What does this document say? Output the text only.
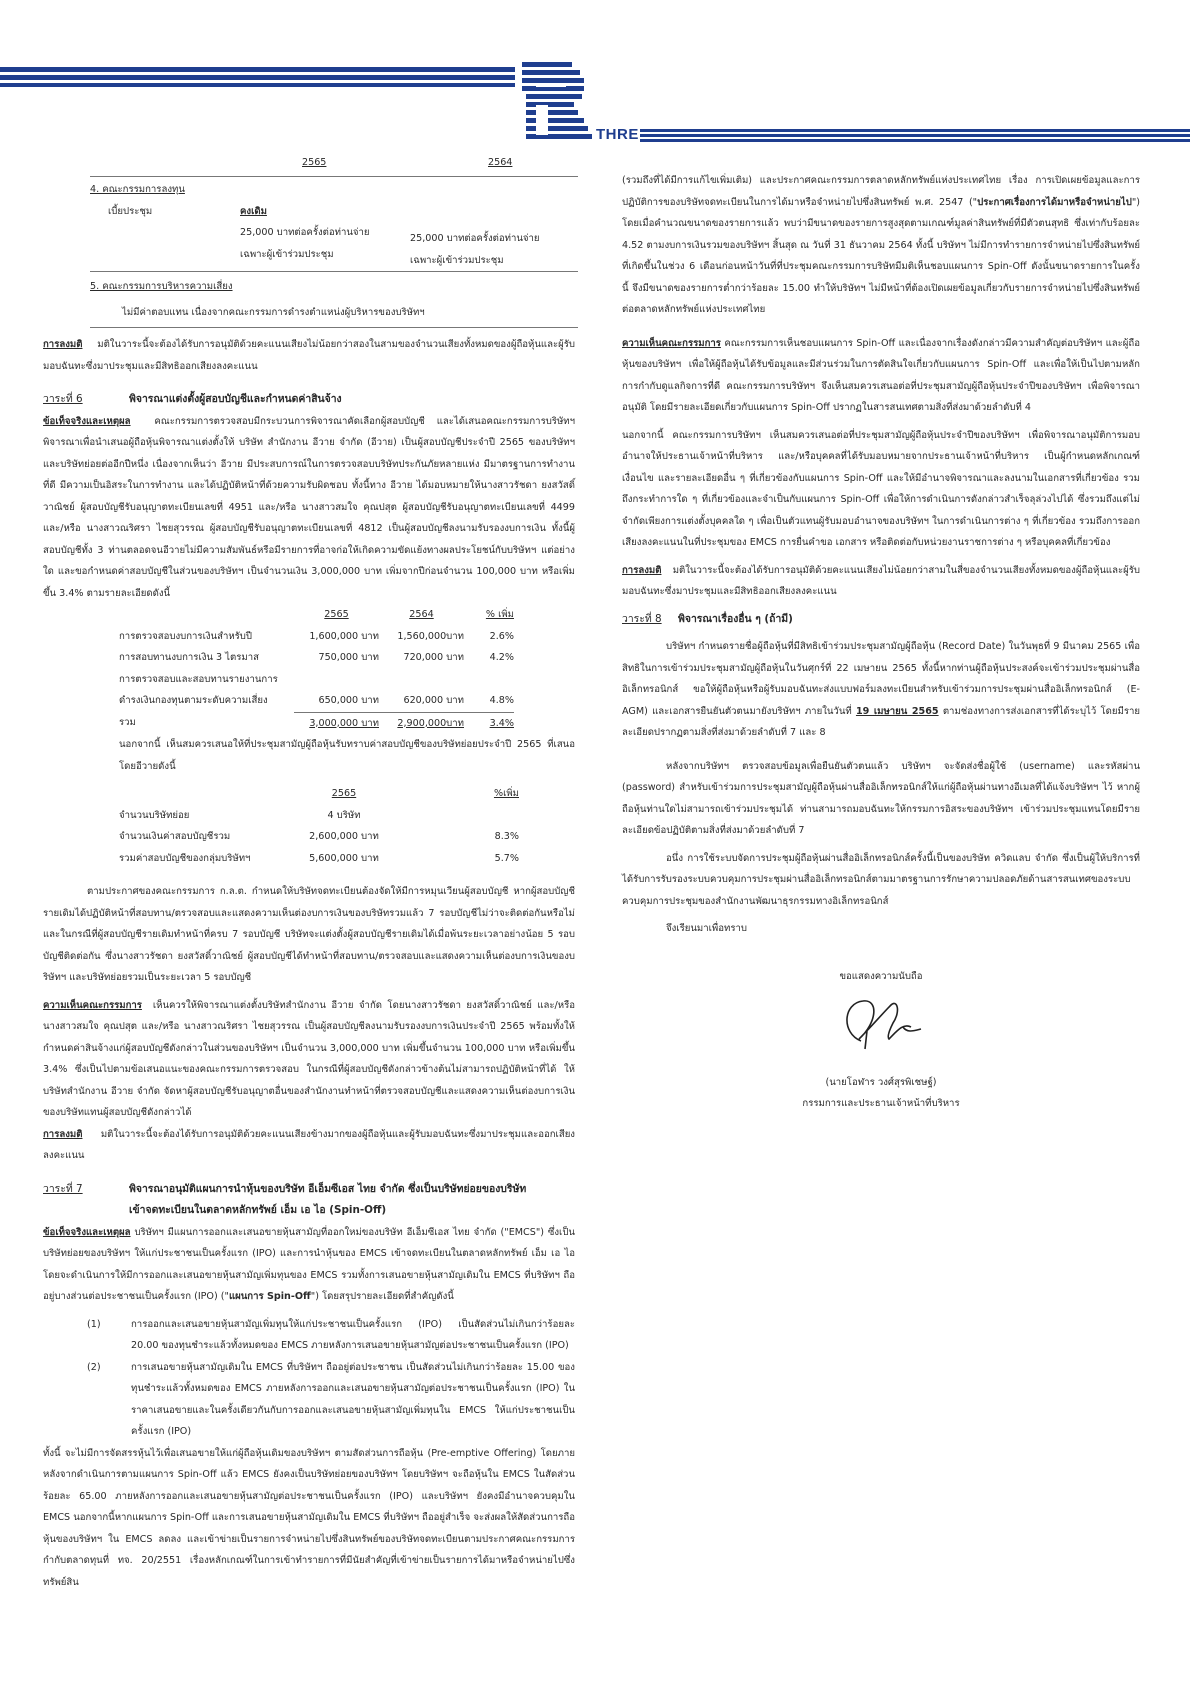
THRE
2565	2564
4. คณะกรรมการลงทุน
เบี้ยประชุม	คงเดิม
25,000 บาทต่อครั้งต่อท่านจ่าย
เฉพาะผู้เข้าร่วมประชุม
25,000 บาทต่อครั้งต่อท่านจ่าย
เฉพาะผู้เข้าร่วมประชุม
5. คณะกรรมการบริหารความเสี่ยง
ไม่มีค่าตอบแทน เนื่องจากคณะกรรมการดำรงตำแหน่งผู้บริหารของบริษัทฯ

การลงมติ มติในวาระนี้จะต้องได้รับการอนุมัติด้วยคะแนนเสียงไม่น้อยกว่าสองในสามของจำนวนเสียงทั้งหมดของผู้ถือหุ้นและผู้รับมอบฉันทะซึ่งมาประชุมและมีสิทธิออกเสียงลงคะแนน

วาระที่ 6	พิจารณาแต่งตั้งผู้สอบบัญชีและกำหนดค่าสินจ้าง

ข้อเท็จจริงและเหตุผล คณะกรรมการตรวจสอบมีกระบวนการพิจารณาคัดเลือกผู้สอบบัญชี และได้เสนอคณะกรรมการบริษัทฯ พิจารณาเพื่อนำเสนอผู้ถือหุ้นพิจารณาแต่งตั้งให้ บริษัท สำนักงาน อีวาย จำกัด (อีวาย) เป็นผู้สอบบัญชีประจำปี 2565 ของบริษัทฯ และบริษัทย่อยต่ออีกปีหนึ่ง เนื่องจากเห็นว่า อีวาย มีประสบการณ์ในการตรวจสอบบริษัทประกันภัยหลายแห่ง มีมาตรฐานการทำงานที่ดี มีความเป็นอิสระในการทำงาน และได้ปฏิบัติหน้าที่ด้วยความรับผิดชอบ ทั้งนี้ทาง อีวาย ได้มอบหมายให้นางสาวรัชดา ยงสวัสดิ์วาณิชย์ ผู้สอบบัญชีรับอนุญาตทะเบียนเลขที่ 4951 และ/หรือ นางสาวสมใจ คุณปสุต ผู้สอบบัญชีรับอนุญาตทะเบียนเลขที่ 4499 และ/หรือ นางสาวณริศรา ไชยสุวรรณ ผู้สอบบัญชีรับอนุญาตทะเบียนเลขที่ 4812 เป็นผู้สอบบัญชีลงนามรับรองงบการเงิน ทั้งนี้ผู้สอบบัญชีทั้ง 3 ท่านตลอดจนอีวายไม่มีความสัมพันธ์หรือมีรายการที่อาจก่อให้เกิดความขัดแย้งทางผลประโยชน์กับบริษัทฯ แต่อย่างใด และขอกำหนดค่าสอบบัญชีในส่วนของบริษัทฯ เป็นจำนวนเงิน 3,000,000 บาท เพิ่มจากปีก่อนจำนวน 100,000 บาท หรือเพิ่มขึ้น 3.4% ตามรายละเอียดดังนี้

2565	2564	% เพิ่ม
การตรวจสอบงบการเงินสำหรับปี	1,600,000 บาท	1,560,000บาท	2.6%
การสอบทานงบการเงิน 3 ไตรมาส	750,000 บาท	720,000 บาท	4.2%
การตรวจสอบและสอบทานรายงานการ
ดำรงเงินกองทุนตามระดับความเสี่ยง	650,000 บาท	620,000 บาท	4.8%
รวม	3,000,000 บาท	2,900,000บาท	3.4%

นอกจากนี้ เห็นสมควรเสนอให้ที่ประชุมสามัญผู้ถือหุ้นรับทราบค่าสอบบัญชีของบริษัทย่อยประจำปี 2565 ที่เสนอโดยอีวายดังนี้

2565	%เพิ่ม
จำนวนบริษัทย่อย	4 บริษัท
จำนวนเงินค่าสอบบัญชีรวม	2,600,000 บาท	8.3%
รวมค่าสอบบัญชีของกลุ่มบริษัทฯ	5,600,000 บาท	5.7%

ตามประกาศของคณะกรรมการ ก.ล.ต. กำหนดให้บริษัทจดทะเบียนต้องจัดให้มีการหมุนเวียนผู้สอบบัญชี หากผู้สอบบัญชีรายเดิมได้ปฏิบัติหน้าที่สอบทาน/ตรวจสอบและแสดงความเห็นต่องบการเงินของบริษัทรวมแล้ว 7 รอบบัญชีไม่ว่าจะติดต่อกันหรือไม่ และในกรณีที่ผู้สอบบัญชีรายเดิมทำหน้าที่ครบ 7 รอบบัญชี บริษัทจะแต่งตั้งผู้สอบบัญชีรายเดิมได้เมื่อพ้นระยะเวลาอย่างน้อย 5 รอบบัญชีติดต่อกัน ซึ่งนางสาวรัชดา ยงสวัสดิ์วาณิชย์ ผู้สอบบัญชีได้ทำหน้าที่สอบทาน/ตรวจสอบและแสดงความเห็นต่องบการเงินของบริษัทฯ และบริษัทย่อยรวมเป็นระยะเวลา 5 รอบบัญชี

ความเห็นคณะกรรมการ เห็นควรให้พิจารณาแต่งตั้งบริษัทสำนักงาน อีวาย จำกัด โดยนางสาวรัชดา ยงสวัสดิ์วาณิชย์ และ/หรือนางสาวสมใจ คุณปสุต และ/หรือ นางสาวณริศรา ไชยสุวรรณ เป็นผู้สอบบัญชีลงนามรับรองงบการเงินประจำปี 2565 พร้อมทั้งให้กำหนดค่าสินจ้างแก่ผู้สอบบัญชีดังกล่าวในส่วนของบริษัทฯ เป็นจำนวน 3,000,000 บาท เพิ่มขึ้นจำนวน 100,000 บาท หรือเพิ่มขึ้น 3.4% ซึ่งเป็นไปตามข้อเสนอแนะของคณะกรรมการตรวจสอบ ในกรณีที่ผู้สอบบัญชีดังกล่าวข้างต้นไม่สามารถปฏิบัติหน้าที่ได้ ให้บริษัทสำนักงาน อีวาย จำกัด จัดหาผู้สอบบัญชีรับอนุญาตอื่นของสำนักงานทำหน้าที่ตรวจสอบบัญชีและแสดงความเห็นต่องบการเงินของบริษัทแทนผู้สอบบัญชีดังกล่าวได้

การลงมติ มติในวาระนี้จะต้องได้รับการอนุมัติด้วยคะแนนเสียงข้างมากของผู้ถือหุ้นและผู้รับมอบฉันทะซึ่งมาประชุมและออกเสียงลงคะแนน

วาระที่ 7	พิจารณาอนุมัติแผนการนำหุ้นของบริษัท อีเอ็มซีเอส ไทย จำกัด ซึ่งเป็นบริษัทย่อยของบริษัท
เข้าจดทะเบียนในตลาดหลักทรัพย์ เอ็ม เอ ไอ (Spin-Off)

ข้อเท็จจริงและเหตุผล บริษัทฯ มีแผนการออกและเสนอขายหุ้นสามัญที่ออกใหม่ของบริษัท อีเอ็มซีเอส ไทย จำกัด ("EMCS") ซึ่งเป็นบริษัทย่อยของบริษัทฯ ให้แก่ประชาชนเป็นครั้งแรก (IPO) และการนำหุ้นของ EMCS เข้าจดทะเบียนในตลาดหลักทรัพย์ เอ็ม เอ ไอ โดยจะดำเนินการให้มีการออกและเสนอขายหุ้นสามัญเพิ่มทุนของ EMCS รวมทั้งการเสนอขายหุ้นสามัญเดิมใน EMCS ที่บริษัทฯ ถืออยู่บางส่วนต่อประชาชนเป็นครั้งแรก (IPO) ("แผนการ Spin-Off") โดยสรุปรายละเอียดที่สำคัญดังนี้

(1)	การออกและเสนอขายหุ้นสามัญเพิ่มทุนให้แก่ประชาชนเป็นครั้งแรก (IPO) เป็นสัดส่วนไม่เกินกว่าร้อยละ 20.00 ของทุนชำระแล้วทั้งหมดของ EMCS ภายหลังการเสนอขายหุ้นสามัญต่อประชาชนเป็นครั้งแรก (IPO)
(2)	การเสนอขายหุ้นสามัญเดิมใน EMCS ที่บริษัทฯ ถืออยู่ต่อประชาชน เป็นสัดส่วนไม่เกินกว่าร้อยละ 15.00 ของทุนชำระแล้วทั้งหมดของ EMCS ภายหลังการออกและเสนอขายหุ้นสามัญต่อประชาชนเป็นครั้งแรก (IPO) ในราคาเสนอขายและในครั้งเดียวกันกับการออกและเสนอขายหุ้นสามัญเพิ่มทุนใน EMCS ให้แก่ประชาชนเป็นครั้งแรก (IPO)

ทั้งนี้ จะไม่มีการจัดสรรหุ้นไว้เพื่อเสนอขายให้แก่ผู้ถือหุ้นเดิมของบริษัทฯ ตามสัดส่วนการถือหุ้น (Pre-emptive Offering) โดยภายหลังจากดำเนินการตามแผนการ Spin-Off แล้ว EMCS ยังคงเป็นบริษัทย่อยของบริษัทฯ โดยบริษัทฯ จะถือหุ้นใน EMCS ในสัดส่วนร้อยละ 65.00 ภายหลังการออกและเสนอขายหุ้นสามัญต่อประชาชนเป็นครั้งแรก (IPO) และบริษัทฯ ยังคงมีอำนาจควบคุมใน EMCS นอกจากนี้หากแผนการ Spin-Off และการเสนอขายหุ้นสามัญเดิมใน EMCS ที่บริษัทฯ ถืออยู่สำเร็จ จะส่งผลให้สัดส่วนการถือหุ้นของบริษัทฯ ใน EMCS ลดลง และเข้าข่ายเป็นรายการจำหน่ายไปซึ่งสินทรัพย์ของบริษัทจดทะเบียนตามประกาศคณะกรรมการกำกับตลาดทุนที่ ทจ. 20/2551 เรื่องหลักเกณฑ์ในการเข้าทำรายการที่มีนัยสำคัญที่เข้าข่ายเป็นรายการได้มาหรือจำหน่ายไปซึ่งทรัพย์สิน

(รวมถึงที่ได้มีการแก้ไขเพิ่มเติม) และประกาศคณะกรรมการตลาดหลักทรัพย์แห่งประเทศไทย เรื่อง การเปิดเผยข้อมูลและการปฏิบัติการของบริษัทจดทะเบียนในการได้มาหรือจำหน่ายไปซึ่งสินทรัพย์ พ.ศ. 2547 ("ประกาศเรื่องการได้มาหรือจำหน่ายไป") โดยเมื่อคำนวณขนาดของรายการแล้ว พบว่ามีขนาดของรายการสูงสุดตามเกณฑ์มูลค่าสินทรัพย์ที่มีตัวตนสุทธิ ซึ่งเท่ากับร้อยละ 4.52 ตามงบการเงินรวมของบริษัทฯ สิ้นสุด ณ วันที่ 31 ธันวาคม 2564 ทั้งนี้ บริษัทฯ ไม่มีการทำรายการจำหน่ายไปซึ่งสินทรัพย์ที่เกิดขึ้นในช่วง 6 เดือนก่อนหน้าวันที่ที่ประชุมคณะกรรมการบริษัทมีมติเห็นชอบแผนการ Spin-Off ดังนั้นขนาดรายการในครั้งนี้ จึงมีขนาดของรายการต่ำกว่าร้อยละ 15.00 ทำให้บริษัทฯ ไม่มีหน้าที่ต้องเปิดเผยข้อมูลเกี่ยวกับรายการจำหน่ายไปซึ่งสินทรัพย์ต่อตลาดหลักทรัพย์แห่งประเทศไทย

ความเห็นคณะกรรมการ คณะกรรมการเห็นชอบแผนการ Spin-Off และเนื่องจากเรื่องดังกล่าวมีความสำคัญต่อบริษัทฯ และผู้ถือหุ้นของบริษัทฯ เพื่อให้ผู้ถือหุ้นได้รับข้อมูลและมีส่วนร่วมในการตัดสินใจเกี่ยวกับแผนการ Spin-Off และเพื่อให้เป็นไปตามหลักการกำกับดูแลกิจการที่ดี คณะกรรมการบริษัทฯ จึงเห็นสมควรเสนอต่อที่ประชุมสามัญผู้ถือหุ้นประจำปีของบริษัทฯ เพื่อพิจารณาอนุมัติ โดยมีรายละเอียดเกี่ยวกับแผนการ Spin-Off ปรากฏในสารสนเทศตามสิ่งที่ส่งมาด้วยลำดับที่ 4

นอกจากนี้ คณะกรรมการบริษัทฯ เห็นสมควรเสนอต่อที่ประชุมสามัญผู้ถือหุ้นประจำปีของบริษัทฯ เพื่อพิจารณาอนุมัติการมอบอำนาจให้ประธานเจ้าหน้าที่บริหาร และ/หรือบุคคลที่ได้รับมอบหมายจากประธานเจ้าหน้าที่บริหาร เป็นผู้กำหนดหลักเกณฑ์ เงื่อนไข และรายละเอียดอื่น ๆ ที่เกี่ยวข้องกับแผนการ Spin-Off และให้มีอำนาจพิจารณาและลงนามในเอกสารที่เกี่ยวข้อง รวมถึงกระทำการใด ๆ ที่เกี่ยวข้องและจำเป็นกับแผนการ Spin-Off เพื่อให้การดำเนินการดังกล่าวสำเร็จลุล่วงไปได้ ซึ่งรวมถึงแต่ไม่จำกัดเพียงการแต่งตั้งบุคคลใด ๆ เพื่อเป็นตัวแทนผู้รับมอบอำนาจของบริษัทฯ ในการดำเนินการต่าง ๆ ที่เกี่ยวข้อง รวมถึงการออกเสียงลงคะแนนในที่ประชุมของ EMCS การยื่นคำขอ เอกสาร หรือติดต่อกับหน่วยงานราชการต่าง ๆ หรือบุคคลที่เกี่ยวข้อง

การลงมติ มติในวาระนี้จะต้องได้รับการอนุมัติด้วยคะแนนเสียงไม่น้อยกว่าสามในสี่ของจำนวนเสียงทั้งหมดของผู้ถือหุ้นและผู้รับมอบฉันทะซึ่งมาประชุมและมีสิทธิออกเสียงลงคะแนน

วาระที่ 8	พิจารณาเรื่องอื่น ๆ (ถ้ามี)

บริษัทฯ กำหนดรายชื่อผู้ถือหุ้นที่มีสิทธิเข้าร่วมประชุมสามัญผู้ถือหุ้น (Record Date) ในวันพุธที่ 9 มีนาคม 2565 เพื่อสิทธิในการเข้าร่วมประชุมสามัญผู้ถือหุ้นในวันศุกร์ที่ 22 เมษายน 2565 ทั้งนี้หากท่านผู้ถือหุ้นประสงค์จะเข้าร่วมประชุมผ่านสื่ออิเล็กทรอนิกส์ ขอให้ผู้ถือหุ้นหรือผู้รับมอบฉันทะส่งแบบฟอร์มลงทะเบียนสำหรับเข้าร่วมการประชุมผ่านสื่ออิเล็กทรอนิกส์ (E-AGM) และเอกสารยืนยันตัวตนมายังบริษัทฯ ภายในวันที่ 19 เมษายน 2565 ตามช่องทางการส่งเอกสารที่ได้ระบุไว้ โดยมีรายละเอียดปรากฏตามสิ่งที่ส่งมาด้วยลำดับที่ 7 และ 8

หลังจากบริษัทฯ ตรวจสอบข้อมูลเพื่อยืนยันตัวตนแล้ว บริษัทฯ จะจัดส่งชื่อผู้ใช้ (username) และรหัสผ่าน (password) สำหรับเข้าร่วมการประชุมสามัญผู้ถือหุ้นผ่านสื่ออิเล็กทรอนิกส์ให้แก่ผู้ถือหุ้นผ่านทางอีเมลที่ได้แจ้งบริษัทฯ ไว้ หากผู้ถือหุ้นท่านใดไม่สามารถเข้าร่วมประชุมได้ ท่านสามารถมอบฉันทะให้กรรมการอิสระของบริษัทฯ เข้าร่วมประชุมแทนโดยมีรายละเอียดข้อปฏิบัติตามสิ่งที่ส่งมาด้วยลำดับที่ 7

อนึ่ง การใช้ระบบจัดการประชุมผู้ถือหุ้นผ่านสื่ออิเล็กทรอนิกส์ครั้งนี้เป็นของบริษัท ควิดแลบ จำกัด ซึ่งเป็นผู้ให้บริการที่ได้รับการรับรองระบบควบคุมการประชุมผ่านสื่ออิเล็กทรอนิกส์ตามมาตรฐานการรักษาความปลอดภัยด้านสารสนเทศของระบบควบคุมการประชุมของสำนักงานพัฒนาธุรกรรมทางอิเล็กทรอนิกส์

จึงเรียนมาเพื่อทราบ

ขอแสดงความนับถือ
(นายโอฬาร วงศ์สุรพิเชษฐ์)
กรรมการและประธานเจ้าหน้าที่บริหาร
